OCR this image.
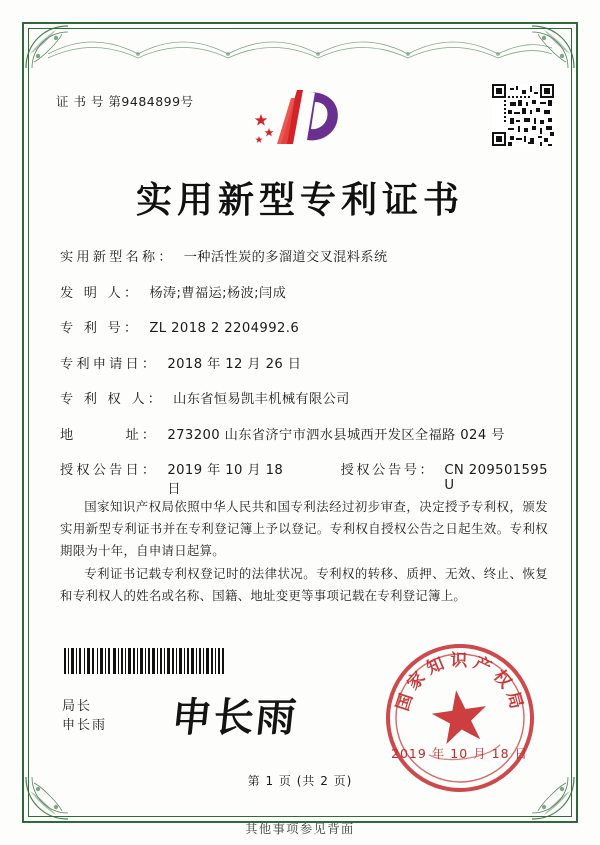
证 书 号 第9484899号
实用新型专利证书
实用新型名称： 一种活性炭的多溜道交叉混料系统
发 明 人： 杨涛;曹福运;杨波;闫成
专 利 号： ZL 2018 2 2204992.6
专利申请日： 2018 年 12 月 26 日
专 利 权 人： 山东省恒易凯丰机械有限公司
地　　　址： 273200 山东省济宁市泗水县城西开发区全福路 024 号
授权公告日： 2019 年 10 月 18 日
授权公告号： CN 209501595 U
国家知识产权局依照中华人民共和国专利法经过初步审查，决定授予专利权，颁发实用新型专利证书并在专利登记簿上予以登记。专利权自授权公告之日起生效。专利权期限为十年，自申请日起算。
专利证书记载专利权登记时的法律状况。专利权的转移、质押、无效、终止、恢复和专利权人的姓名或名称、国籍、地址变更等事项记载在专利登记簿上。
局长
申长雨 申长雨	国家知识产权局
2019 年 10 月 18 日
第 1 页 (共 2 页)
其他事项参见背面
